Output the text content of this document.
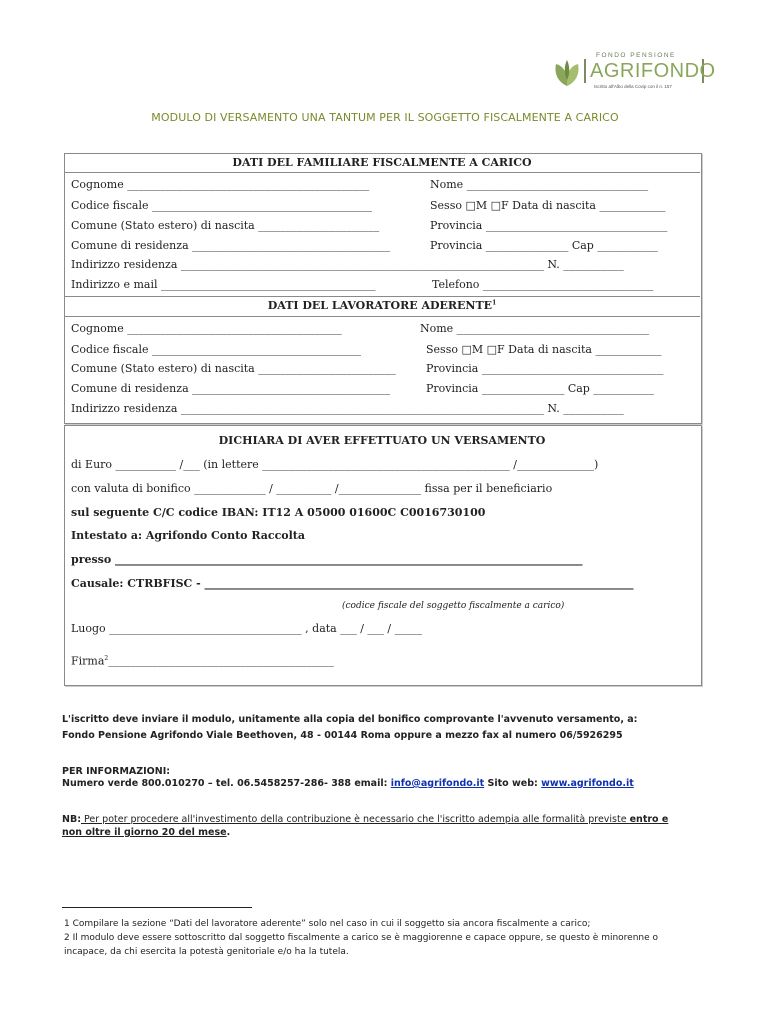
FONDO PENSIONE
AGRIFONDO
Iscritto all'Albo della Covip con il n. 157
MODULO DI VERSAMENTO UNA TANTUM PER IL SOGGETTO FISCALMENTE A CARICO
DATI DEL FAMILIARE FISCALMENTE A CARICO
Cognome ____________________________________________	Nome _________________________________
Codice fiscale ________________________________________	Sesso □M □F Data di nascita ____________
Comune (Stato estero) di nascita ______________________	Provincia _________________________________
Comune di residenza ____________________________________	Provincia _______________ Cap ___________
Indirizzo residenza __________________________________________________________________ N. ___________
Indirizzo e mail _______________________________________	Telefono _______________________________
DATI DEL LAVORATORE ADERENTE$^1$
Cognome _______________________________________	Nome ___________________________________
Codice fiscale ______________________________________	Sesso □M □F Data di nascita ____________
Comune (Stato estero) di nascita _________________________	Provincia _________________________________
Comune di residenza ____________________________________	Provincia _______________ Cap ___________
Indirizzo residenza __________________________________________________________________ N. ___________
DICHIARA DI AVER EFFETTUATO UN VERSAMENTO
di Euro ___________ /___ (in lettere _____________________________________________ /______________)
con valuta di bonifico _____________ / __________ /_______________ fissa per il beneficiario
sul seguente C/C codice IBAN: IT12 A 05000 01600C C0016730100
Intestato a: Agrifondo Conto Raccolta
presso _____________________________________________________________________________________
Causale: CTRBFISC - ______________________________________________________________________________
(codice fiscale del soggetto fiscalmente a carico)
Luogo ___________________________________ , data ___ / ___ / _____
Firma$^2$_________________________________________
L'iscritto deve inviare il modulo, unitamente alla copia del bonifico comprovante l'avvenuto versamento, a:
Fondo Pensione Agrifondo Viale Beethoven, 48 - 00144 Roma oppure a mezzo fax al numero 06/5926295
PER INFORMAZIONI:
Numero verde 800.010270 – tel. 06.5458257-286- 388 email: info@agrifondo.it Sito web: www.agrifondo.it
NB: Per poter procedere all'investimento della contribuzione è necessario che l'iscritto adempia alle formalità previste entro e
non oltre il giorno 20 del mese.
1 Compilare la sezione “Dati del lavoratore aderente” solo nel caso in cui il soggetto sia ancora fiscalmente a carico;
2 Il modulo deve essere sottoscritto dal soggetto fiscalmente a carico se è maggiorenne e capace oppure, se questo è minorenne o
incapace, da chi esercita la potestà genitoriale e/o ha la tutela.
